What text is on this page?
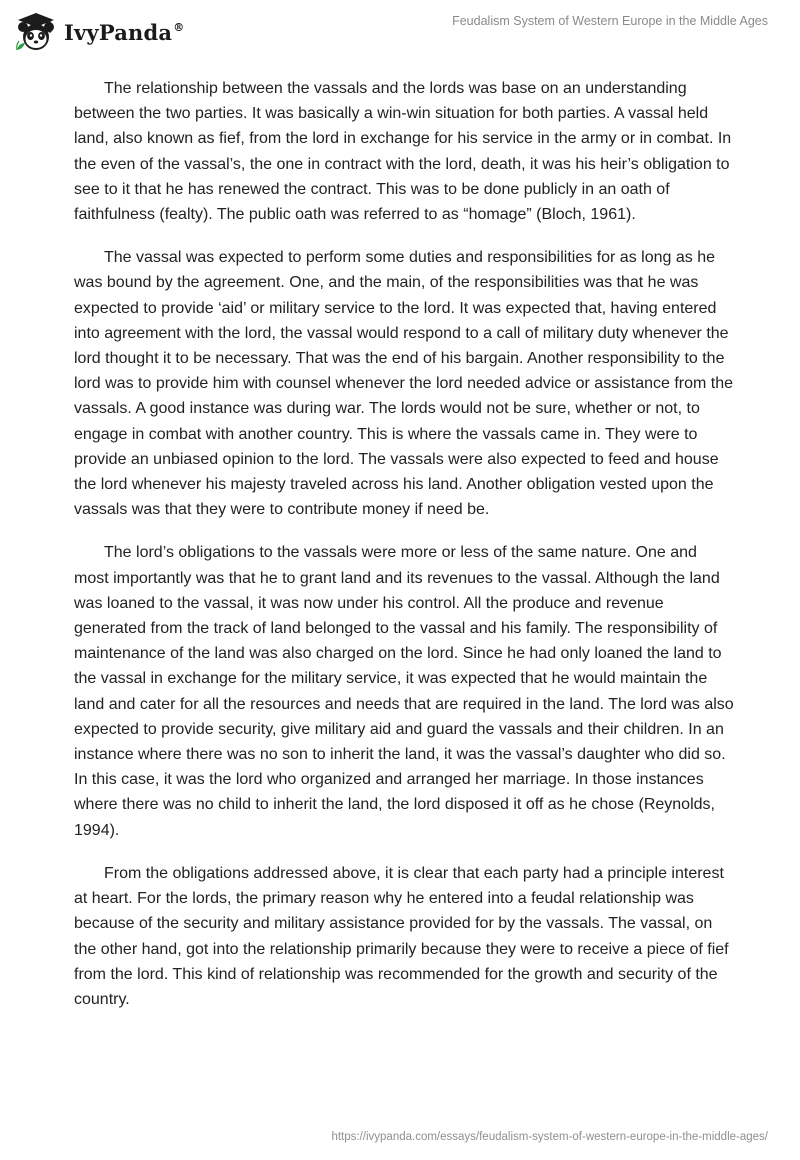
IvyPanda®	Feudalism System of Western Europe in the Middle Ages

The relationship between the vassals and the lords was base on an understanding between the two parties. It was basically a win-win situation for both parties. A vassal held land, also known as fief, from the lord in exchange for his service in the army or in combat. In the even of the vassal’s, the one in contract with the lord, death, it was his heir’s obligation to see to it that he has renewed the contract. This was to be done publicly in an oath of faithfulness (fealty). The public oath was referred to as “homage” (Bloch, 1961).

The vassal was expected to perform some duties and responsibilities for as long as he was bound by the agreement. One, and the main, of the responsibilities was that he was expected to provide ‘aid’ or military service to the lord. It was expected that, having entered into agreement with the lord, the vassal would respond to a call of military duty whenever the lord thought it to be necessary. That was the end of his bargain. Another responsibility to the lord was to provide him with counsel whenever the lord needed advice or assistance from the vassals. A good instance was during war. The lords would not be sure, whether or not, to engage in combat with another country. This is where the vassals came in. They were to provide an unbiased opinion to the lord. The vassals were also expected to feed and house the lord whenever his majesty traveled across his land. Another obligation vested upon the vassals was that they were to contribute money if need be.

The lord’s obligations to the vassals were more or less of the same nature. One and most importantly was that he to grant land and its revenues to the vassal. Although the land was loaned to the vassal, it was now under his control. All the produce and revenue generated from the track of land belonged to the vassal and his family. The responsibility of maintenance of the land was also charged on the lord. Since he had only loaned the land to the vassal in exchange for the military service, it was expected that he would maintain the land and cater for all the resources and needs that are required in the land. The lord was also expected to provide security, give military aid and guard the vassals and their children. In an instance where there was no son to inherit the land, it was the vassal’s daughter who did so. In this case, it was the lord who organized and arranged her marriage. In those instances where there was no child to inherit the land, the lord disposed it off as he chose (Reynolds, 1994).

From the obligations addressed above, it is clear that each party had a principle interest at heart. For the lords, the primary reason why he entered into a feudal relationship was because of the security and military assistance provided for by the vassals. The vassal, on the other hand, got into the relationship primarily because they were to receive a piece of fief from the lord. This kind of relationship was recommended for the growth and security of the country.

https://ivypanda.com/essays/feudalism-system-of-western-europe-in-the-middle-ages/
